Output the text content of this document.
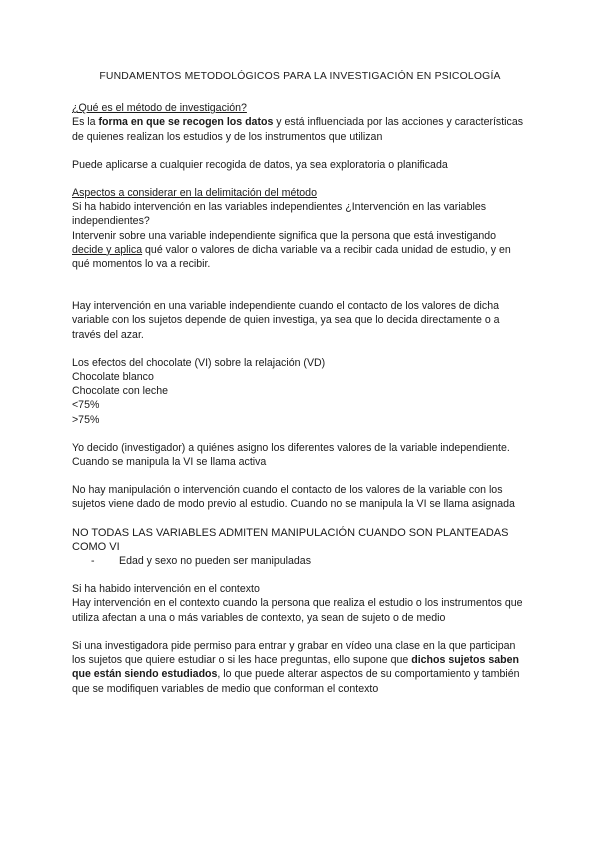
FUNDAMENTOS METODOLÓGICOS PARA LA INVESTIGACIÓN EN PSICOLOGÍA

¿Qué es el método de investigación?

Es la forma en que se recogen los datos y está influenciada por las acciones y características de quienes realizan los estudios y de los instrumentos que utilizan

Puede aplicarse a cualquier recogida de datos, ya sea exploratoria o planificada

Aspectos a considerar en la delimitación del método

Si ha habido intervención en las variables independientes ¿Intervención en las variables independientes?

Intervenir sobre una variable independiente significa que la persona que está investigando decide y aplica qué valor o valores de dicha variable va a recibir cada unidad de estudio, y en qué momentos lo va a recibir.

Hay intervención en una variable independiente cuando el contacto de los valores de dicha variable con los sujetos depende de quien investiga, ya sea que lo decida directamente o a través del azar.

Los efectos del chocolate (VI) sobre la relajación (VD)

Chocolate blanco

Chocolate con leche

<75%

>75%

Yo decido (investigador) a quiénes asigno los diferentes valores de la variable independiente. Cuando se manipula la VI se llama activa

No hay manipulación o intervención cuando el contacto de los valores de la variable con los sujetos viene dado de modo previo al estudio. Cuando no se manipula la VI se llama asignada

NO TODAS LAS VARIABLES ADMITEN MANIPULACIÓN CUANDO SON PLANTEADAS COMO VI

- Edad y sexo no pueden ser manipuladas

Si ha habido intervención en el contexto

Hay intervención en el contexto cuando la persona que realiza el estudio o los instrumentos que utiliza afectan a una o más variables de contexto, ya sean de sujeto o de medio

Si una investigadora pide permiso para entrar y grabar en vídeo una clase en la que participan los sujetos que quiere estudiar o si les hace preguntas, ello supone que dichos sujetos saben que están siendo estudiados, lo que puede alterar aspectos de su comportamiento y también que se modifiquen variables de medio que conforman el contexto
